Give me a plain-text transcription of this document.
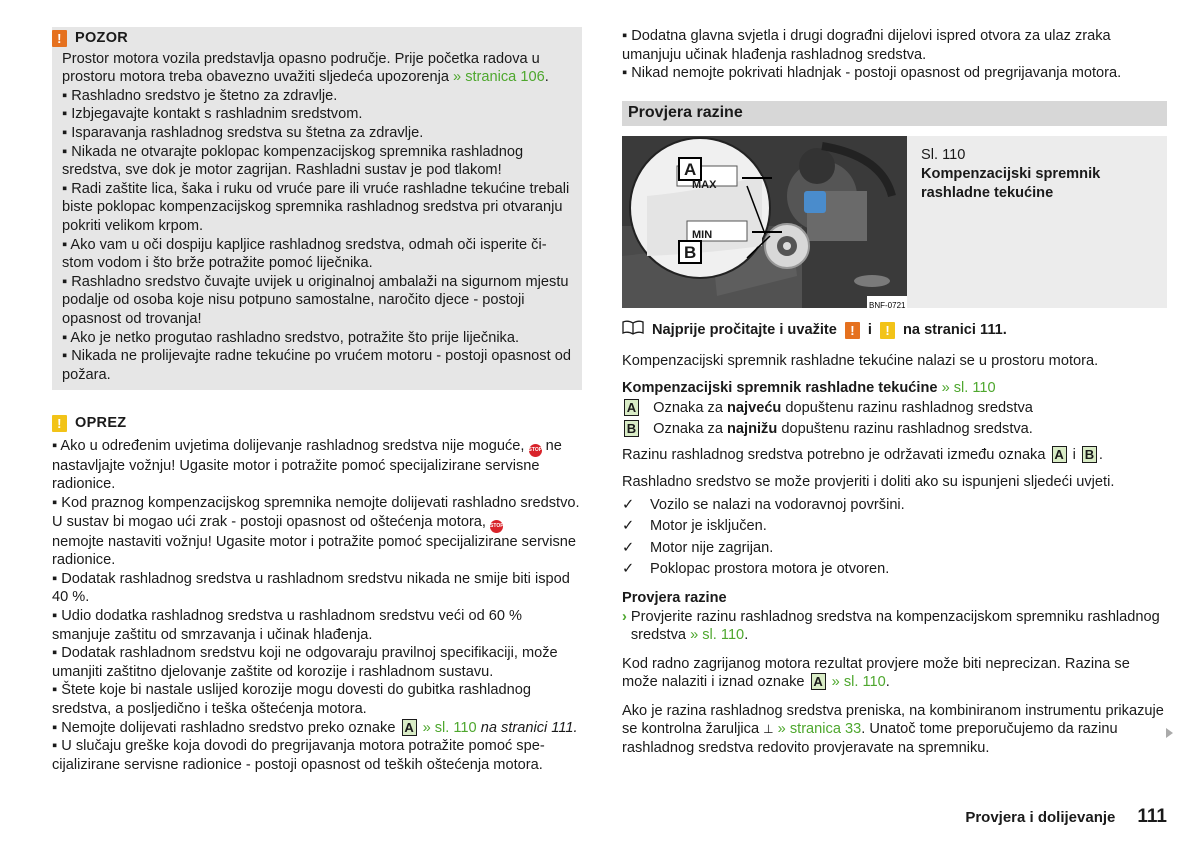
! POZOR

Prostor motora vozila predstavlja opasno područje. Prije početka radova u prostoru motora treba obavezno uvažiti sljedeća upozorenja » stranica 106.

▪ Rashladno sredstvo je štetno za zdravlje.

▪ Izbjegavajte kontakt s rashladnim sredstvom.

▪ Isparavanja rashladnog sredstva su štetna za zdravlje.

▪ Nikada ne otvarajte poklopac kompenzacijskog spremnika rashladnog sredstva, sve dok je motor zagrijan. Rashladni sustav je pod tlakom!

▪ Radi zaštite lica, šaka i ruku od vruće pare ili vruće rashladne tekućine trebali biste poklopac kompenzacijskog spremnika rashladnog sredstva pri otvaranju pokriti velikom krpom.

▪ Ako vam u oči dospiju kapljice rashladnog sredstva, odmah oči isperite čistom vodom i što brže potražite pomoć liječnika.

▪ Rashladno sredstvo čuvajte uvijek u originalnoj ambalaži na sigurnom mjestu podalje od osoba koje nisu potpuno samostalne, naročito djece - postoji opasnost od trovanja!

▪ Ako je netko progutao rashladno sredstvo, potražite što prije liječnika.

▪ Nikada ne prolijevajte radne tekućine po vrućem motoru - postoji opasnost od požara.

! OPREZ

▪ Ako u određenim uvjetima dolijevanje rashladnog sredstva nije moguće, STOP ne nastavljajte vožnju! Ugasite motor i potražite pomoć specijalizirane servisne radionice.

▪ Kod praznog kompenzacijskog spremnika nemojte dolijevati rashladno sredstvo. U sustav bi mogao ući zrak - postoji opasnost od oštećenja motora, STOP
nemojte nastaviti vožnju! Ugasite motor i potražite pomoć specijalizirane servisne radionice.

▪ Dodatak rashladnog sredstva u rashladnom sredstvu nikada ne smije biti ispod 40 %.

▪ Udio dodatka rashladnog sredstva u rashladnom sredstvu veći od 60 % smanjuje zaštitu od smrzavanja i učinak hlađenja.

▪ Dodatak rashladnom sredstvu koji ne odgovaraju pravilnoj specifikaciji, može umanjiti zaštitno djelovanje zaštite od korozije i rashladnom sustavu.

▪ Štete koje bi nastale uslijed korozije mogu dovesti do gubitka rashladnog sredstva, a posljedično i teška oštećenja motora.

▪ Nemojte dolijevati rashladno sredstvo preko oznake A » sl. 110 na stranici 111.

▪ U slučaju greške koja dovodi do pregrijavanja motora potražite pomoć specijalizirane servisne radionice - postoji opasnost od teških oštećenja motora.

▪ Dodatna glavna svjetla i drugi dograđni dijelovi ispred otvora za ulaz zraka umanjuju učinak hlađenja rashladnog sredstva.

▪ Nikad nemojte pokrivati hladnjak - postoji opasnost od pregrijavanja motora.

Provjera razine
A
B
MAX
MIN
BNF-0721
Sl. 110
Kompenzacijski spremnik rashladne tekućine
Najprije pročitajte i uvažite	! i	! na stranici 111.

Kompenzacijski spremnik rashladne tekućine nalazi se u prostoru motora.

Kompenzacijski spremnik rashladne tekućine » sl. 110

A Oznaka za najveću dopuštenu razinu rashladnog sredstva

B Oznaka za najnižu dopuštenu razinu rashladnog sredstva.

Razinu rashladnog sredstva potrebno je održavati između oznaka A i B .

Rashladno sredstvo se može provjeriti i doliti ako su ispunjeni sljedeći uvjeti.

✓ Vozilo se nalazi na vodoravnoj površini.
✓ Motor je isključen.
✓ Motor nije zagrijan.
✓ Poklopac prostora motora je otvoren.

Provjera razine

› Provjerite razinu rashladnog sredstva na kompenzacijskom spremniku rashladnog sredstva » sl. 110.

Kod radno zagrijanog motora rezultat provjere može biti neprecizan. Razina se može nalaziti i iznad oznake A » sl. 110.

Ako je razina rashladnog sredstva preniska, na kombiniranom instrumentu prikazuje se kontrolna žaruljica ⊥ » stranica 33. Unatoč tome preporučujemo da razinu rashladnog sredstva redovito provjeravate na spremniku.

Provjera i dolijevanje 111
